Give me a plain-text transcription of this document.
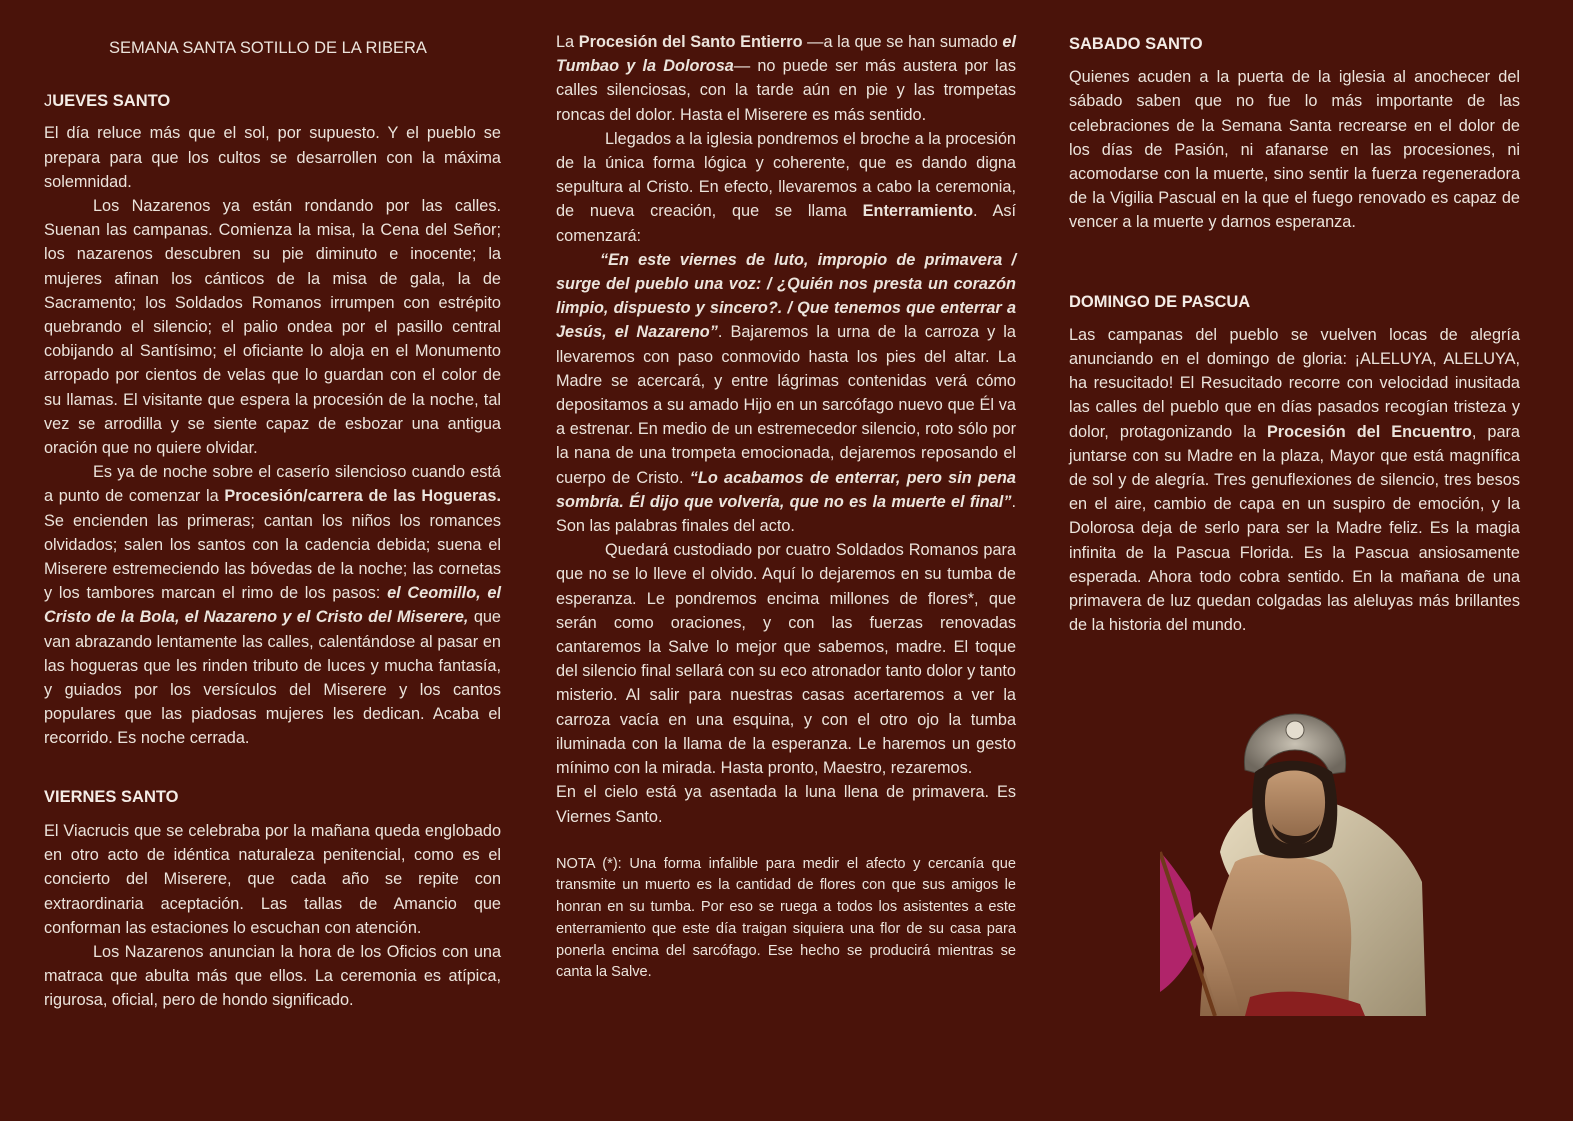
SEMANA SANTA SOTILLO DE LA RIBERA

JUEVES SANTO

El día reluce más que el sol, por supuesto. Y el pueblo se prepara para que los cultos se desarrollen con la máxima solemnidad.

Los Nazarenos ya están rondando por las calles. Suenan las campanas. Comienza la misa, la Cena del Señor; los nazarenos descubren su pie diminuto e inocente; la mujeres afinan los cánticos de la misa de gala, la de Sacramento; los Soldados Romanos irrumpen con estrépito quebrando el silencio; el palio ondea por el pasillo central cobijando al Santísimo; el oficiante lo aloja en el Monumento arropado por cientos de velas que lo guardan con el color de su llamas. El visitante que espera la procesión de la noche, tal vez se arrodilla y se siente capaz de esbozar una antigua oración que no quiere olvidar.

Es ya de noche sobre el caserío silencioso cuando está a punto de comenzar la Procesión/carrera de las Hogueras. Se encienden las primeras; cantan los niños los romances olvidados; salen los santos con la cadencia debida; suena el Miserere estremeciendo las bóvedas de la noche; las cornetas y los tambores marcan el rimo de los pasos: el Ceomillo, el Cristo de la Bola, el Nazareno y el Cristo del Miserere, que van abrazando lentamente las calles, calentándose al pasar en las hogueras que les rinden tributo de luces y mucha fantasía, y guiados por los versículos del Miserere y los cantos populares que las piadosas mujeres les dedican. Acaba el recorrido. Es noche cerrada.

VIERNES SANTO

El Viacrucis que se celebraba por la mañana queda englobado en otro acto de idéntica naturaleza penitencial, como es el concierto del Miserere, que cada año se repite con extraordinaria aceptación. Las tallas de Amancio que conforman las estaciones lo escuchan con atención.

Los Nazarenos anuncian la hora de los Oficios con una matraca que abulta más que ellos. La ceremonia es atípica, rigurosa, oficial, pero de hondo significado.

La Procesión del Santo Entierro —a la que se han sumado el Tumbao y la Dolorosa— no puede ser más austera por las calles silenciosas, con la tarde aún en pie y las trompetas roncas del dolor. Hasta el Miserere es más sentido.

Llegados a la iglesia pondremos el broche a la procesión de la única forma lógica y coherente, que es dando digna sepultura al Cristo. En efecto, llevaremos a cabo la ceremonia, de nueva creación, que se llama Enterramiento. Así comenzará:

“En este viernes de luto, impropio de primavera / surge del pueblo una voz: / ¿Quién nos presta un corazón limpio, dispuesto y sincero?. / Que tenemos que enterrar a Jesús, el Nazareno”. Bajaremos la urna de la carroza y la llevaremos con paso conmovido hasta los pies del altar. La Madre se acercará, y entre lágrimas contenidas verá cómo depositamos a su amado Hijo en un sarcófago nuevo que Él va a estrenar. En medio de un estremecedor silencio, roto sólo por la nana de una trompeta emocionada, dejaremos reposando el cuerpo de Cristo. “Lo acabamos de enterrar, pero sin pena sombría. Él dijo que volvería, que no es la muerte el final”. Son las palabras finales del acto.

Quedará custodiado por cuatro Soldados Romanos para que no se lo lleve el olvido. Aquí lo dejaremos en su tumba de esperanza. Le pondremos encima millones de flores*, que serán como oraciones, y con las fuerzas renovadas cantaremos la Salve lo mejor que sabemos, madre. El toque del silencio final sellará con su eco atronador tanto dolor y tanto misterio. Al salir para nuestras casas acertaremos a ver la carroza vacía en una esquina, y con el otro ojo la tumba iluminada con la llama de la esperanza. Le haremos un gesto mínimo con la mirada. Hasta pronto, Maestro, rezaremos.

En el cielo está ya asentada la luna llena de primavera. Es Viernes Santo.

NOTA (*): Una forma infalible para medir el afecto y cercanía que transmite un muerto es la cantidad de flores con que sus amigos le honran en su tumba. Por eso se ruega a todos los asistentes a este enterramiento que este día traigan siquiera una flor de su casa para ponerla encima del sarcófago. Ese hecho se producirá mientras se canta la Salve.

SABADO SANTO

Quienes acuden a la puerta de la iglesia al anochecer del sábado saben que no fue lo más importante de las celebraciones de la Semana Santa recrearse en el dolor de los días de Pasión, ni afanarse en las procesiones, ni acomodarse con la muerte, sino sentir la fuerza regeneradora de la Vigilia Pascual en la que el fuego renovado es capaz de vencer a la muerte y darnos esperanza.

DOMINGO DE PASCUA

Las campanas del pueblo se vuelven locas de alegría anunciando en el domingo de gloria: ¡ALELUYA, ALELUYA, ha resucitado! El Resucitado recorre con velocidad inusitada las calles del pueblo que en días pasados recogían tristeza y dolor, protagonizando la Procesión del Encuentro, para juntarse con su Madre en la plaza, Mayor que está magnífica de sol y de alegría. Tres genuflexiones de silencio, tres besos en el aire, cambio de capa en un suspiro de emoción, y la Dolorosa deja de serlo para ser la Madre feliz. Es la magia infinita de la Pascua Florida. Es la Pascua ansiosamente esperada. Ahora todo cobra sentido. En la mañana de una primavera de luz quedan colgadas las aleluyas más brillantes de la historia del mundo.
